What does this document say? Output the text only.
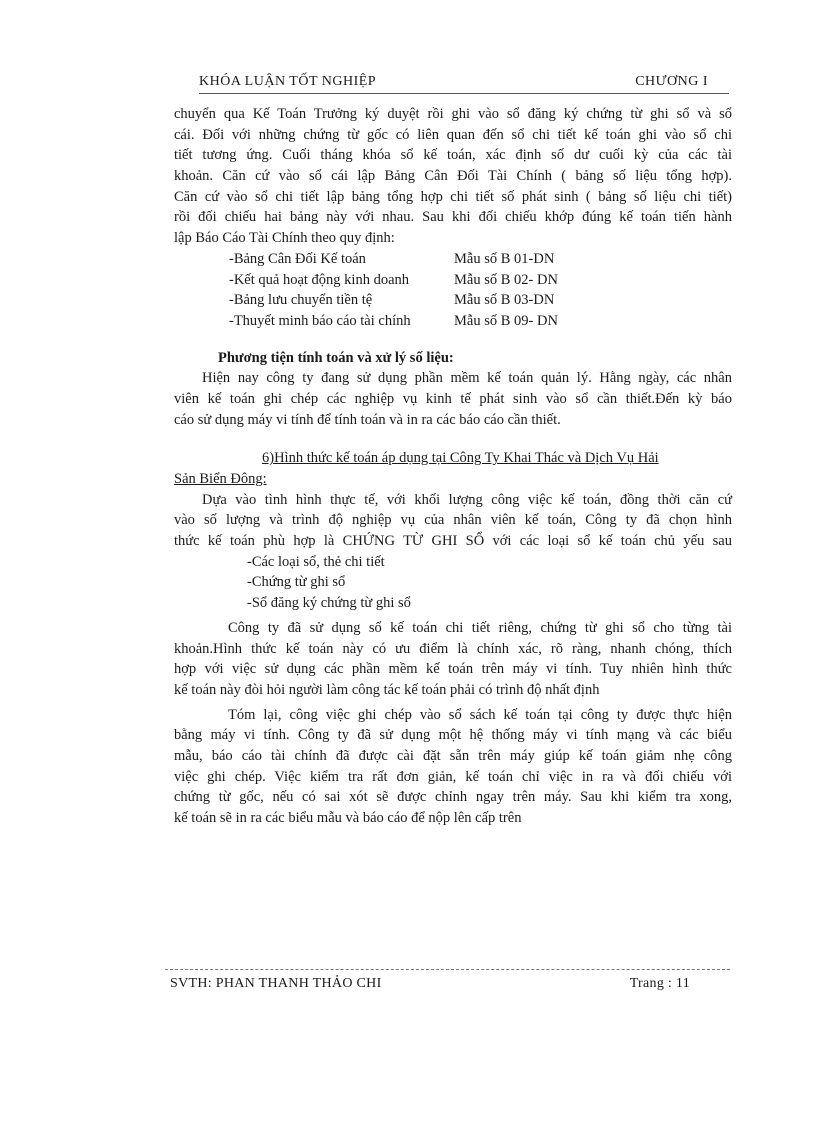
KHÓA LUẬN TỐT NGHIỆP	CHƯƠNG I
chuyển qua Kế Toán Trưởng ký duyệt rồi ghi vào sổ đăng ký chứng từ ghi sổ và sổ
cái. Đối với những chứng từ gốc có liên quan đến sổ chi tiết kế toán ghi vào sổ chi
tiết tương ứng. Cuối tháng khóa sổ kế toán, xác định số dư cuối kỳ của các tài
khoản. Căn cứ vào sổ cái lập Bảng Cân Đối Tài Chính ( bảng số liệu tổng hợp).
Căn cứ vào sổ chi tiết lập bảng tổng hợp chi tiết số phát sinh ( bảng số liệu chi tiết)
rồi đối chiếu hai bảng này với nhau. Sau khi đối chiếu khớp đúng kế toán tiến hành
lập Báo Cáo Tài Chính theo quy định:
-Bảng Cân Đối Kế toán	Mẫu số B 01-DN
-Kết quả hoạt động kinh doanh	Mẫu số B 02- DN
-Bảng lưu chuyển tiền tệ	Mẫu số B 03-DN
-Thuyết minh báo cáo tài chính	Mẫu số B 09- DN
Phương tiện tính toán và xử lý số liệu:
Hiện nay công ty đang sử dụng phần mềm kế toán quản lý. Hằng ngày, các nhân
viên kế toán ghi chép các nghiệp vụ kinh tế phát sinh vào sổ cần thiết.Đến kỳ báo
cáo sử dụng máy vi tính để tính toán và in ra các báo cáo cần thiết.
6)Hình thức kế toán áp dụng tại Công Ty Khai Thác và Dịch Vụ Hải
Sản Biển Đông:
Dựa vào tình hình thực tế, với khối lượng công việc kế toán, đồng thời căn cứ
vào số lượng và trình độ nghiệp vụ của nhân viên kế toán, Công ty đã chọn hình
thức kế toán phù hợp là CHỨNG TỪ GHI SỔ với các loại sổ kế toán chủ yếu sau
-Các loại sổ, thẻ chi tiết
-Chứng từ ghi sổ
-Sổ đăng ký chứng từ ghi sổ
Công ty đã sử dụng sổ kế toán chi tiết riêng, chứng từ ghi sổ cho từng tài
khoản.Hình thức kế toán này có ưu điểm là chính xác, rõ ràng, nhanh chóng, thích
hợp với việc sử dụng các phần mềm kế toán trên máy vi tính. Tuy nhiên hình thức
kế toán này đòi hỏi người làm công tác kế toán phải có trình độ nhất định
Tóm lại, công việc ghi chép vào sổ sách kế toán tại công ty được thực hiện
bằng máy vi tính. Công ty đã sử dụng một hệ thống máy vi tính mạng và các biểu
mẫu, báo cáo tài chính đã được cài đặt sẵn trên máy giúp kế toán giảm nhẹ công
việc ghi chép. Việc kiểm tra rất đơn giản, kế toán chỉ việc in ra và đối chiếu với
chứng từ gốc, nếu có sai xót sẽ được chỉnh ngay trên máy. Sau khi kiểm tra xong,
kế toán sẽ in ra các biểu mẫu và báo cáo để nộp lên cấp trên
SVTH: PHAN THANH THẢO CHI	Trang : 11
